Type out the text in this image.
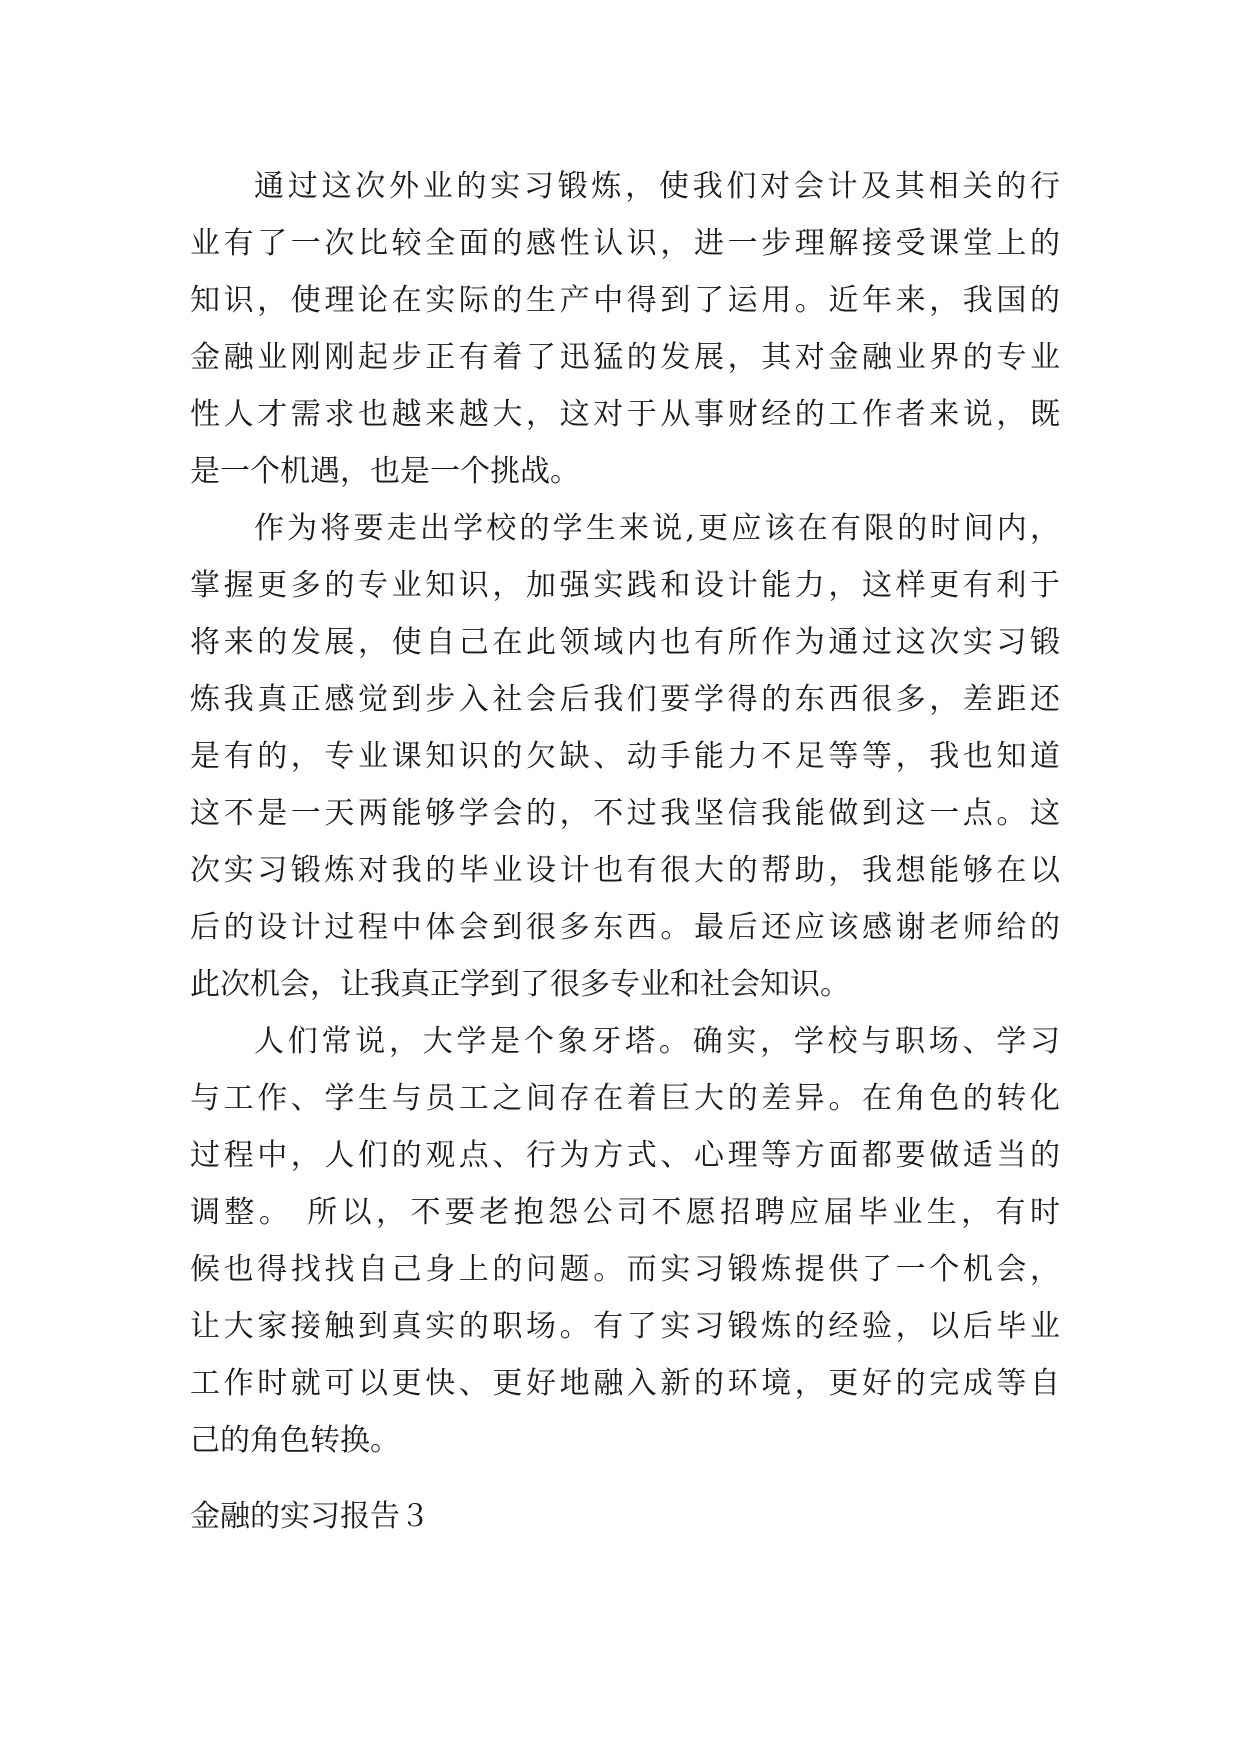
通过这次外业的实习锻炼，使我们对会计及其相关的行
业有了一次比较全面的感性认识，进一步理解接受课堂上的
知识，使理论在实际的生产中得到了运用。近年来，我国的
金融业刚刚起步正有着了迅猛的发展，其对金融业界的专业
性人才需求也越来越大，这对于从事财经的工作者来说，既
是一个机遇，也是一个挑战。
作为将要走出学校的学生来说,更应该在有限的时间内，
掌握更多的专业知识，加强实践和设计能力，这样更有利于
将来的发展，使自己在此领域内也有所作为通过这次实习锻
炼我真正感觉到步入社会后我们要学得的东西很多，差距还
是有的，专业课知识的欠缺、动手能力不足等等，我也知道
这不是一天两能够学会的，不过我坚信我能做到这一点。这
次实习锻炼对我的毕业设计也有很大的帮助，我想能够在以
后的设计过程中体会到很多东西。最后还应该感谢老师给的
此次机会，让我真正学到了很多专业和社会知识。
人们常说，大学是个象牙塔。确实，学校与职场、学习
与工作、学生与员工之间存在着巨大的差异。在角色的转化
过程中，人们的观点、行为方式、心理等方面都要做适当的
调整。 所以，不要老抱怨公司不愿招聘应届毕业生，有时
候也得找找自己身上的问题。而实习锻炼提供了一个机会，
让大家接触到真实的职场。有了实习锻炼的经验，以后毕业
工作时就可以更快、更好地融入新的环境，更好的完成等自
己的角色转换。
金融的实习报告３
